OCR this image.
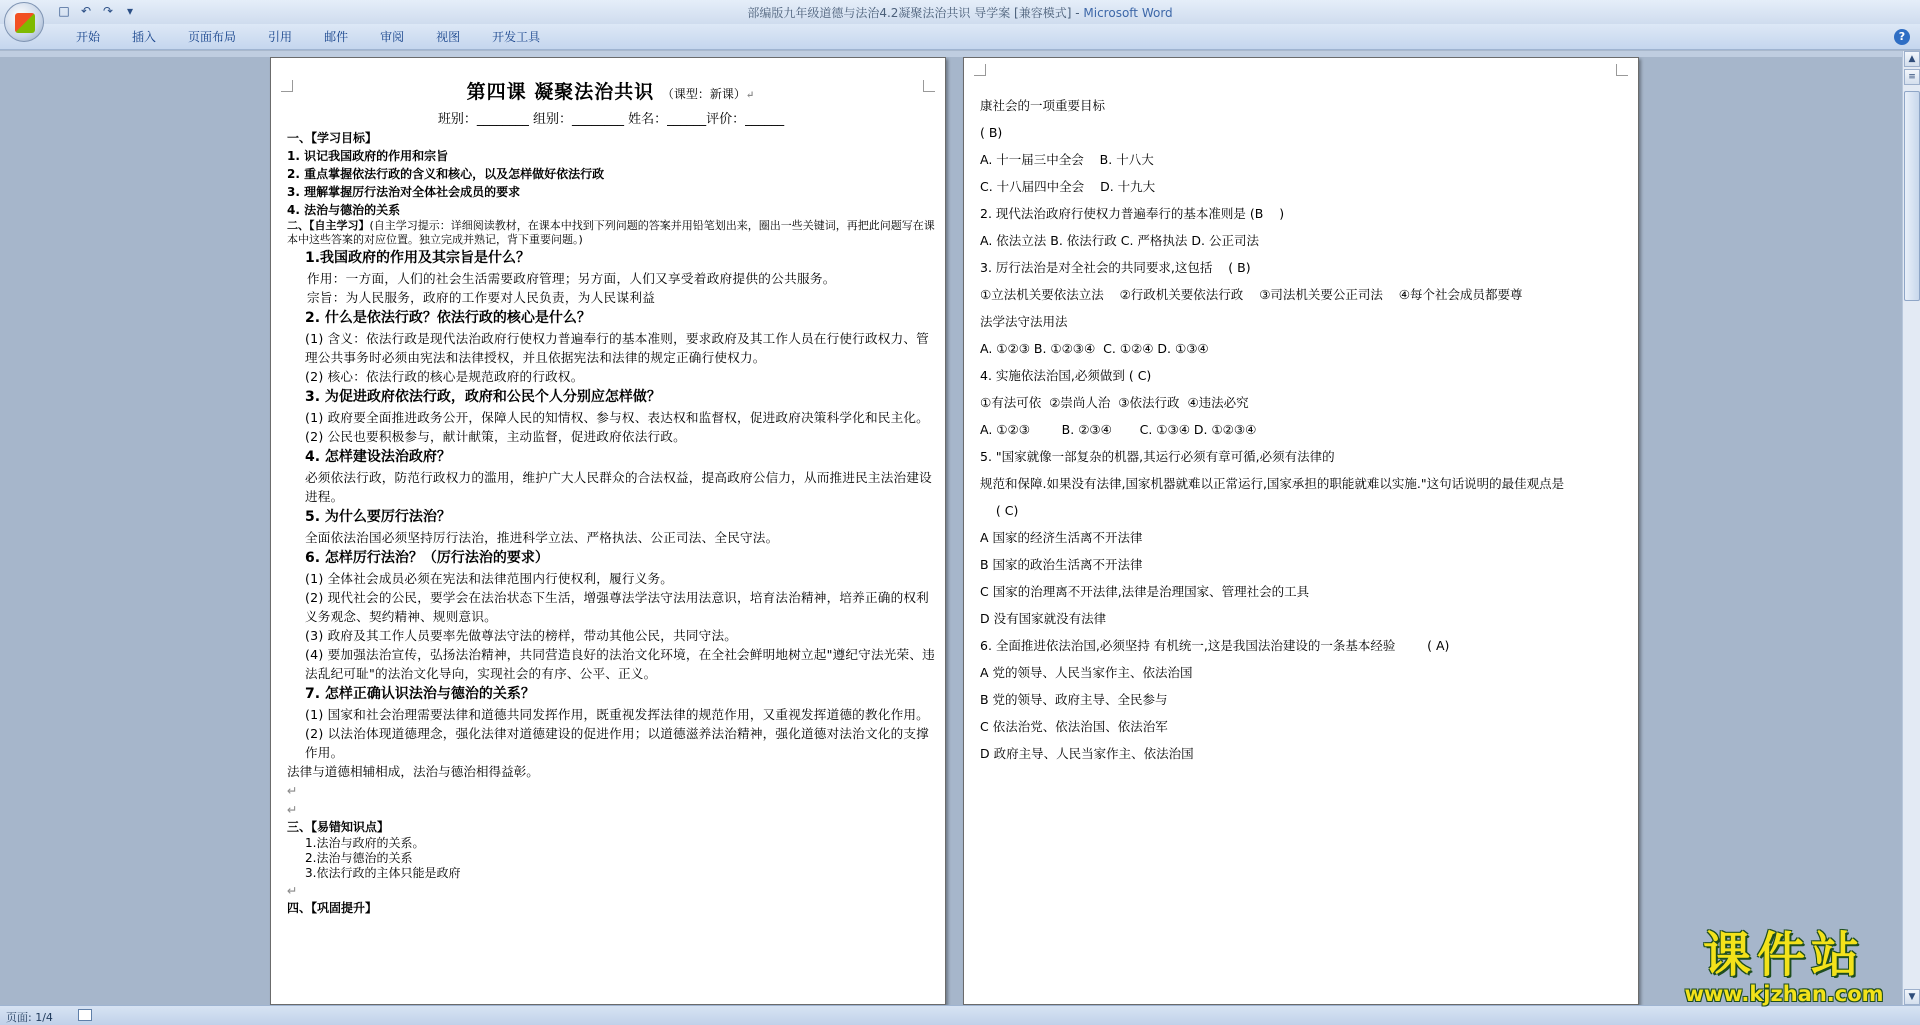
□ ↶ ↷	▾	部编版九年级道德与法治4.2凝聚法治共识 导学案 [兼容模式] - Microsoft Word
开始	插入	页面布局	引用	邮件	审阅	视图	开发工具	?
第四课 凝聚法治共识 （课型：新课）↵
班别：________ 组别：________ 姓名：______评价：______
一、【学习目标】
1. 识记我国政府的作用和宗旨
2. 重点掌握依法行政的含义和核心，以及怎样做好依法行政
3. 理解掌握厉行法治对全体社会成员的要求
4. 法治与德治的关系
二、【自主学习】(自主学习提示：详细阅读教材，在课本中找到下列问题的答案并用铅笔划出来，圈出一些关键词，再把此问题写在课本中这些答案的对应位置。独立完成并熟记，背下重要问题。)
1.我国政府的作用及其宗旨是什么？
作用：一方面，人们的社会生活需要政府管理；另方面，人们又享受着政府提供的公共服务。
宗旨：为人民服务，政府的工作要对人民负责，为人民谋利益
2. 什么是依法行政？依法行政的核心是什么？
(1) 含义：依法行政是现代法治政府行使权力普遍奉行的基本准则，要求政府及其工作人员在行使行政权力、管理公共事务时必须由宪法和法律授权，并且依据宪法和法律的规定正确行使权力。
(2) 核心：依法行政的核心是规范政府的行政权。
3. 为促进政府依法行政，政府和公民个人分别应怎样做？
(1) 政府要全面推进政务公开，保障人民的知情权、参与权、表达权和监督权，促进政府决策科学化和民主化。
(2) 公民也要积极参与，献计献策，主动监督，促进政府依法行政。
4. 怎样建设法治政府？
必须依法行政，防范行政权力的滥用，维护广大人民群众的合法权益，提高政府公信力，从而推进民主法治建设进程。
5. 为什么要厉行法治？
全面依法治国必须坚持厉行法治，推进科学立法、严格执法、公正司法、全民守法。
6. 怎样厉行法治？（厉行法治的要求）
(1) 全体社会成员必须在宪法和法律范围内行使权利，履行义务。
(2) 现代社会的公民，要学会在法治状态下生活，增强尊法学法守法用法意识，培育法治精神，培养正确的权利义务观念、契约精神、规则意识。
(3) 政府及其工作人员要率先做尊法守法的榜样，带动其他公民，共同守法。
(4) 要加强法治宣传，弘扬法治精神，共同营造良好的法治文化环境，在全社会鲜明地树立起"遵纪守法光荣、违法乱纪可耻"的法治文化导向，实现社会的有序、公平、正义。
7. 怎样正确认识法治与德治的关系？
(1) 国家和社会治理需要法律和道德共同发挥作用，既重视发挥法律的规范作用，又重视发挥道德的教化作用。
(2) 以法治体现道德理念，强化法律对道德建设的促进作用；以道德滋养法治精神，强化道德对法治文化的支撑作用。
法律与道德相辅相成，法治与德治相得益彰。
↵
↵
三、【易错知识点】
1.法治与政府的关系。
2.法治与德治的关系
3.依法行政的主体只能是政府
↵
四、【巩固提升】
康社会的一项重要目标
( B)
A. 十一届三中全会    B. 十八大
C. 十八届四中全会    D. 十九大
2. 现代法治政府行使权力普遍奉行的基本准则是 (B    )
A. 依法立法 B. 依法行政 C. 严格执法 D. 公正司法
3. 厉行法治是对全社会的共同要求,这包括    ( B)
①立法机关要依法立法    ②行政机关要依法行政    ③司法机关要公正司法    ④每个社会成员都要尊
法学法守法用法
A. ①②③ B. ①②③④  C. ①②④ D. ①③④
4. 实施依法治国,必须做到 ( C)
①有法可依  ②崇尚人治  ③依法行政  ④违法必究
A. ①②③        B. ②③④       C. ①③④ D. ①②③④
5. "国家就像一部复杂的机器,其运行必须有章可循,必须有法律的
规范和保障.如果没有法律,国家机器就难以正常运行,国家承担的职能就难以实施."这句话说明的最佳观点是
( C)
A 国家的经济生活离不开法律
B 国家的政治生活离不开法律
C 国家的治理离不开法律,法律是治理国家、管理社会的工具
D 没有国家就没有法律
6. 全面推进依法治国,必须坚持 有机统一,这是我国法治建设的一条基本经验        ( A)
A 党的领导、人民当家作主、依法治国
B 党的领导、政府主导、全民参与
C 依法治党、依法治国、依法治军
D 政府主导、人民当家作主、依法治国
▲
≡
▼
页面: 1/4
课件站
www.kjzhan.com
